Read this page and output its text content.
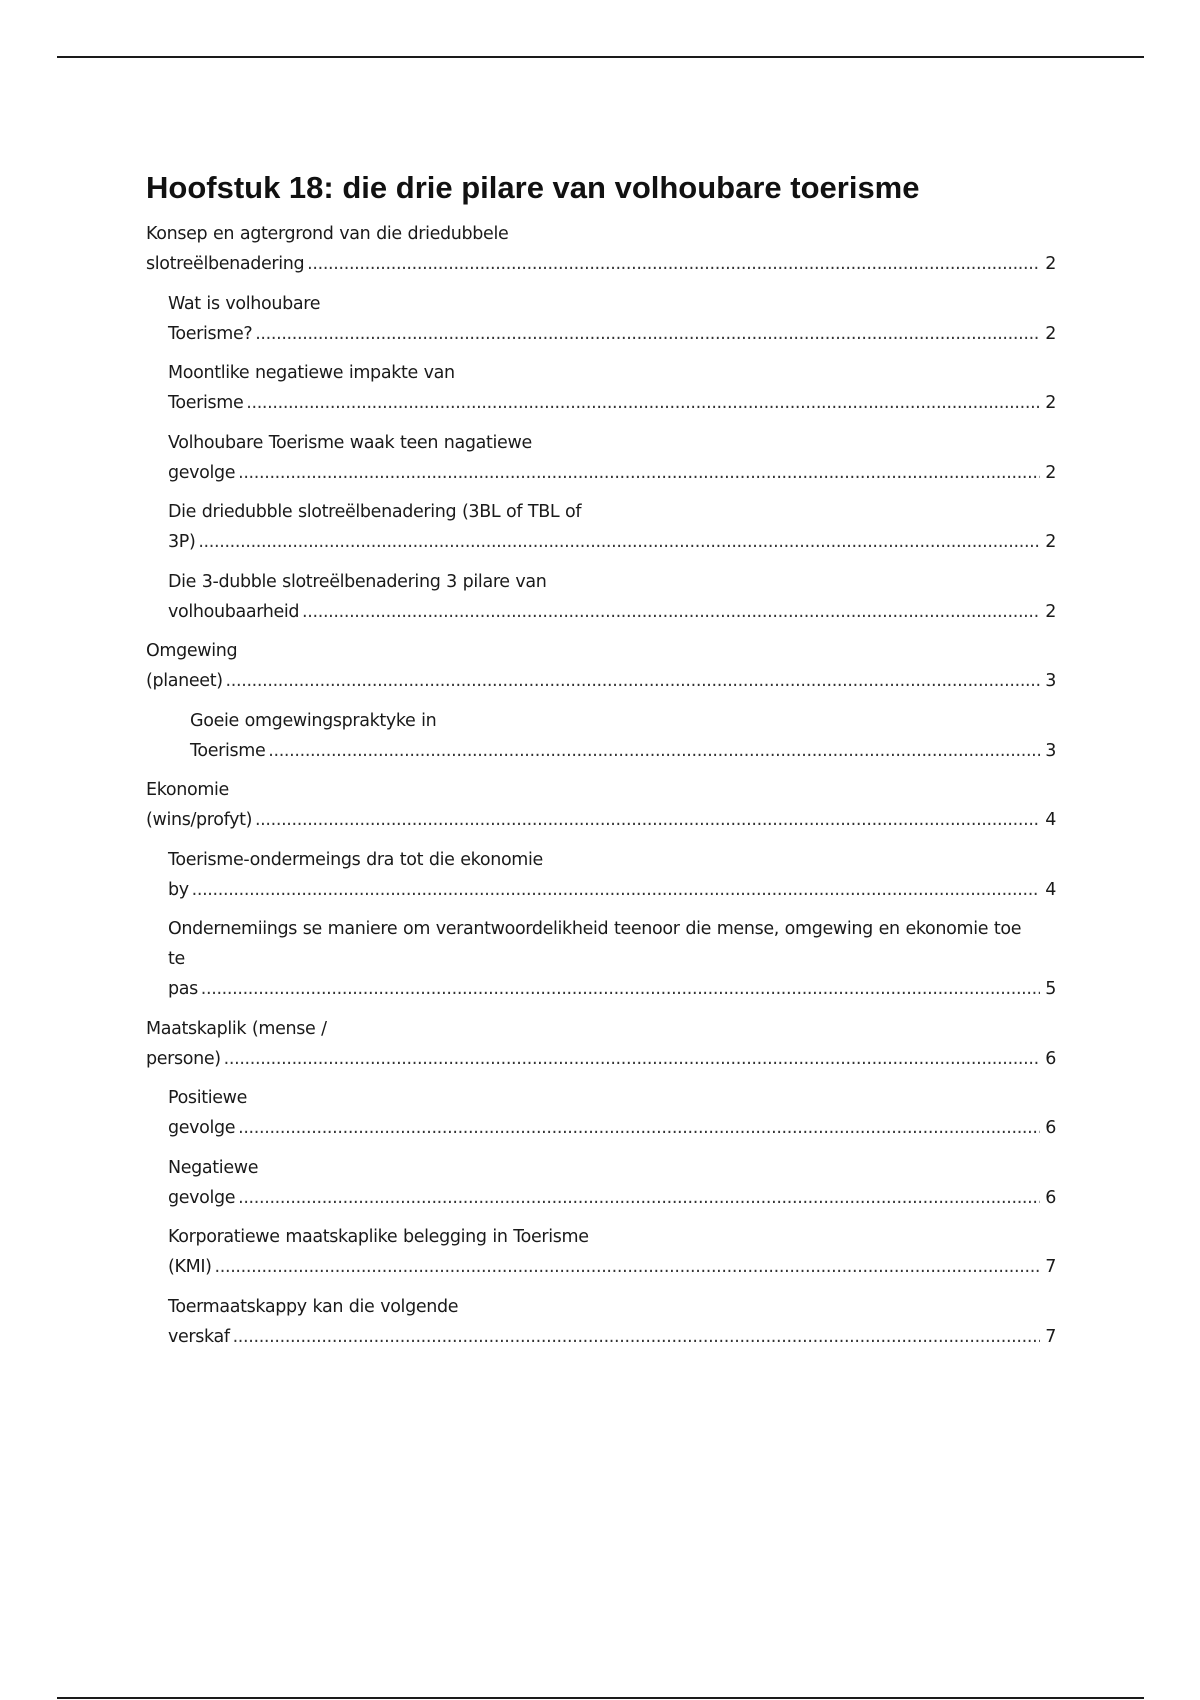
Hoofstuk 18: die drie pilare van volhoubare toerisme
Konsep en agtergrond van die driedubbele slotreëlbenadering . . .	2
Wat is volhoubare Toerisme? . . .	2
Moontlike negatiewe impakte van Toerisme . . .	2
Volhoubare Toerisme waak teen nagatiewe gevolge . . .	2
Die driedubble slotreëlbenadering (3BL of TBL of 3P) . . .	2
Die 3-dubble slotreëlbenadering 3 pilare van volhoubaarheid . . .	2
Omgewing (planeet) . . .	3
Goeie omgewingspraktyke in Toerisme . . .	3
Ekonomie (wins/profyt) . . .	4
Toerisme-ondermeings dra tot die ekonomie by . . .	4
Ondernemiings se maniere om verantwoordelikheid teenoor die mense, omgewing en ekonomie toe te pas . . .	5
Maatskaplik (mense / persone) . . .	6
Positiewe gevolge . . .	6
Negatiewe gevolge . . .	6
Korporatiewe maatskaplike belegging in Toerisme (KMI) . . .	7
Toermaatskappy kan die volgende verskaf . . .	7
